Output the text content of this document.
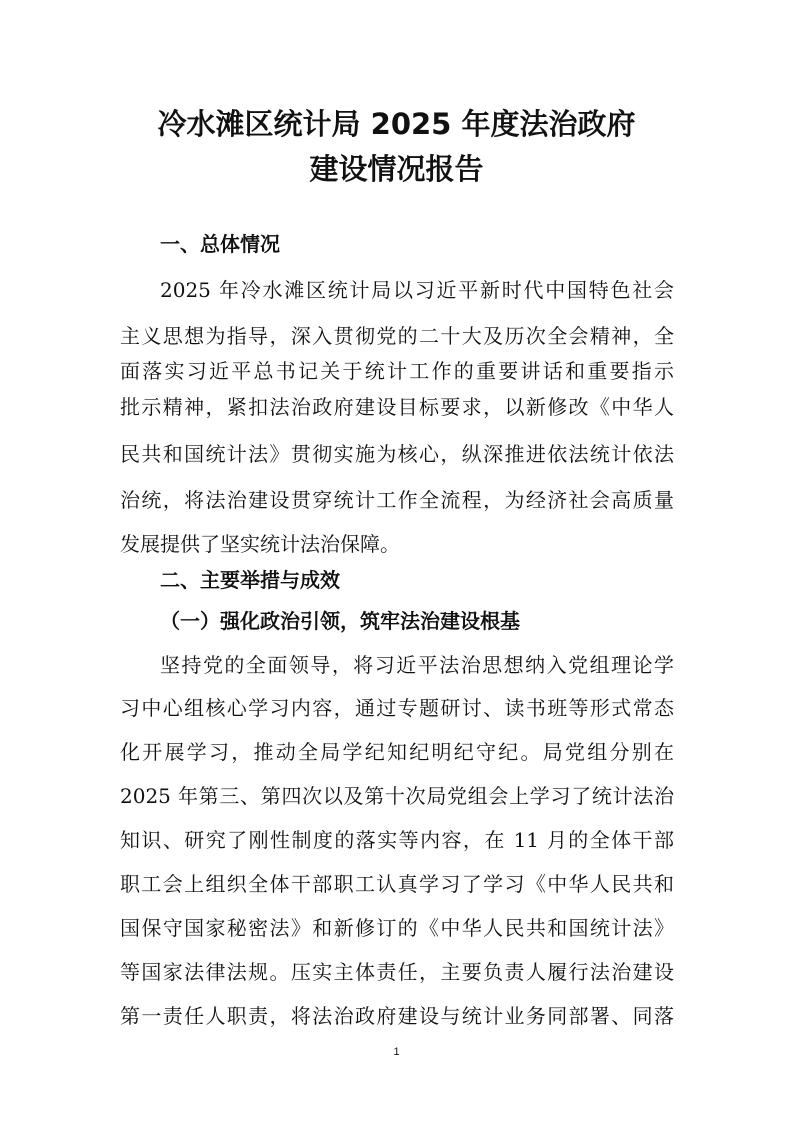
冷水滩区统计局 2025 年度法治政府
建设情况报告
一、总体情况

2025 年冷水滩区统计局以习近平新时代中国特色社会

主义思想为指导，深入贯彻党的二十大及历次全会精神，全

面落实习近平总书记关于统计工作的重要讲话和重要指示

批示精神，紧扣法治政府建设目标要求，以新修改《中华人

民共和国统计法》贯彻实施为核心，纵深推进依法统计依法

治统，将法治建设贯穿统计工作全流程，为经济社会高质量

发展提供了坚实统计法治保障。

二、主要举措与成效
（一）强化政治引领，筑牢法治建设根基

坚持党的全面领导，将习近平法治思想纳入党组理论学

习中心组核心学习内容，通过专题研讨、读书班等形式常态

化开展学习，推动全局学纪知纪明纪守纪。局党组分别在

2025 年第三、第四次以及第十次局党组会上学习了统计法治

知识、研究了刚性制度的落实等内容，在 11 月的全体干部

职工会上组织全体干部职工认真学习了学习《中华人民共和

国保守国家秘密法》和新修订的《中华人民共和国统计法》

等国家法律法规。压实主体责任，主要负责人履行法治建设

第一责任人职责，将法治政府建设与统计业务同部署、同落

1
